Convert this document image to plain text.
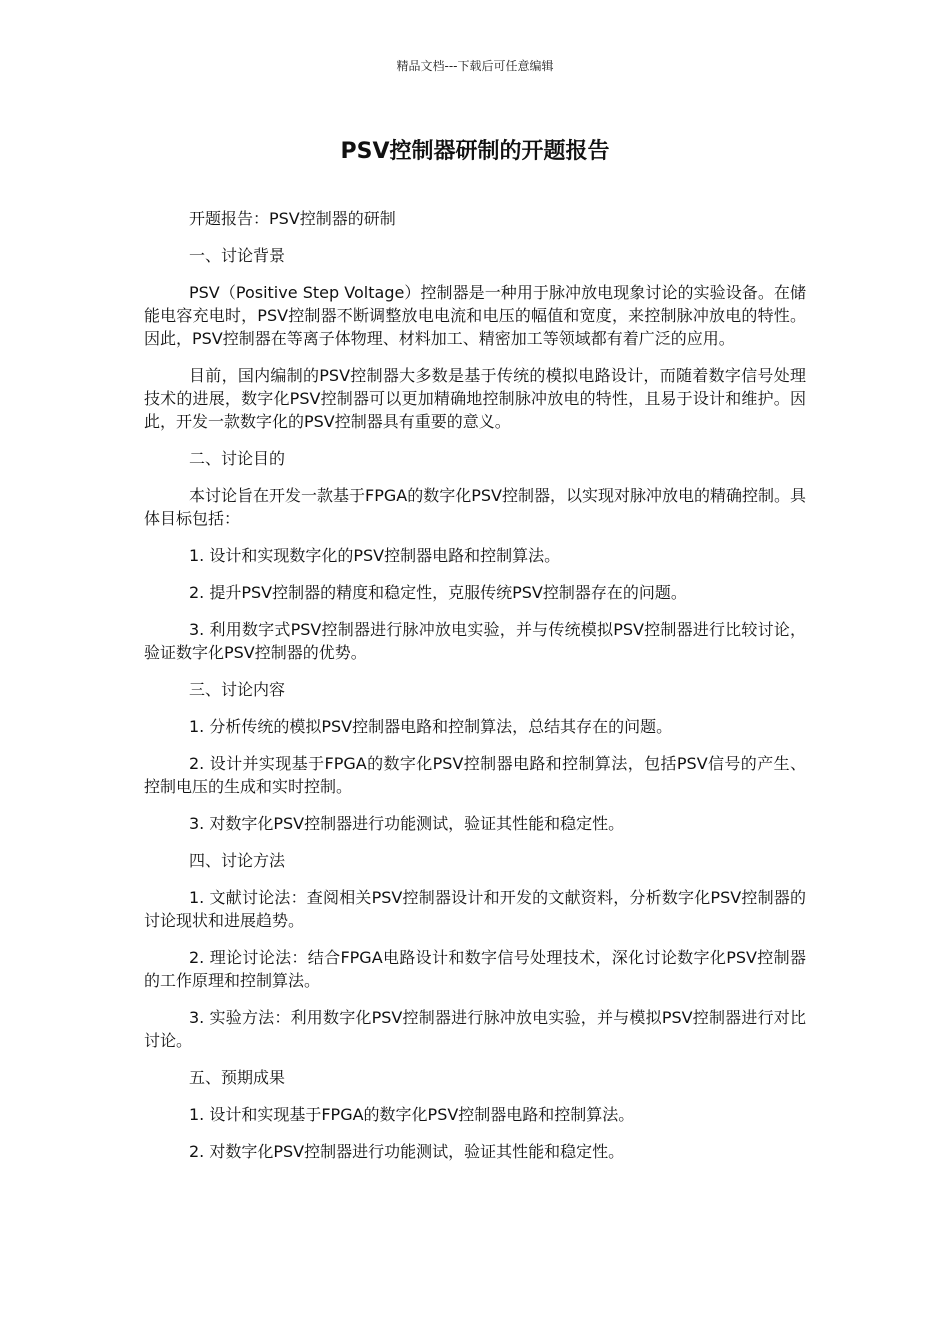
精品文档---下载后可任意编辑
PSV控制器研制的开题报告

开题报告：PSV控制器的研制

一、讨论背景

PSV（Positive Step Voltage）控制器是一种用于脉冲放电现象讨论的实验设备。在储能电容充电时，PSV控制器不断调整放电电流和电压的幅值和宽度，来控制脉冲放电的特性。因此，PSV控制器在等离子体物理、材料加工、精密加工等领域都有着广泛的应用。

目前，国内编制的PSV控制器大多数是基于传统的模拟电路设计，而随着数字信号处理技术的进展，数字化PSV控制器可以更加精确地控制脉冲放电的特性，且易于设计和维护。因此，开发一款数字化的PSV控制器具有重要的意义。

二、讨论目的

本讨论旨在开发一款基于FPGA的数字化PSV控制器，以实现对脉冲放电的精确控制。具体目标包括：

1. 设计和实现数字化的PSV控制器电路和控制算法。

2. 提升PSV控制器的精度和稳定性，克服传统PSV控制器存在的问题。

3. 利用数字式PSV控制器进行脉冲放电实验，并与传统模拟PSV控制器进行比较讨论，验证数字化PSV控制器的优势。

三、讨论内容

1. 分析传统的模拟PSV控制器电路和控制算法，总结其存在的问题。

2. 设计并实现基于FPGA的数字化PSV控制器电路和控制算法，包括PSV信号的产生、控制电压的生成和实时控制。

3. 对数字化PSV控制器进行功能测试，验证其性能和稳定性。

四、讨论方法

1. 文献讨论法：查阅相关PSV控制器设计和开发的文献资料，分析数字化PSV控制器的讨论现状和进展趋势。

2. 理论讨论法：结合FPGA电路设计和数字信号处理技术，深化讨论数字化PSV控制器的工作原理和控制算法。

3. 实验方法：利用数字化PSV控制器进行脉冲放电实验，并与模拟PSV控制器进行对比讨论。

五、预期成果

1. 设计和实现基于FPGA的数字化PSV控制器电路和控制算法。

2. 对数字化PSV控制器进行功能测试，验证其性能和稳定性。
